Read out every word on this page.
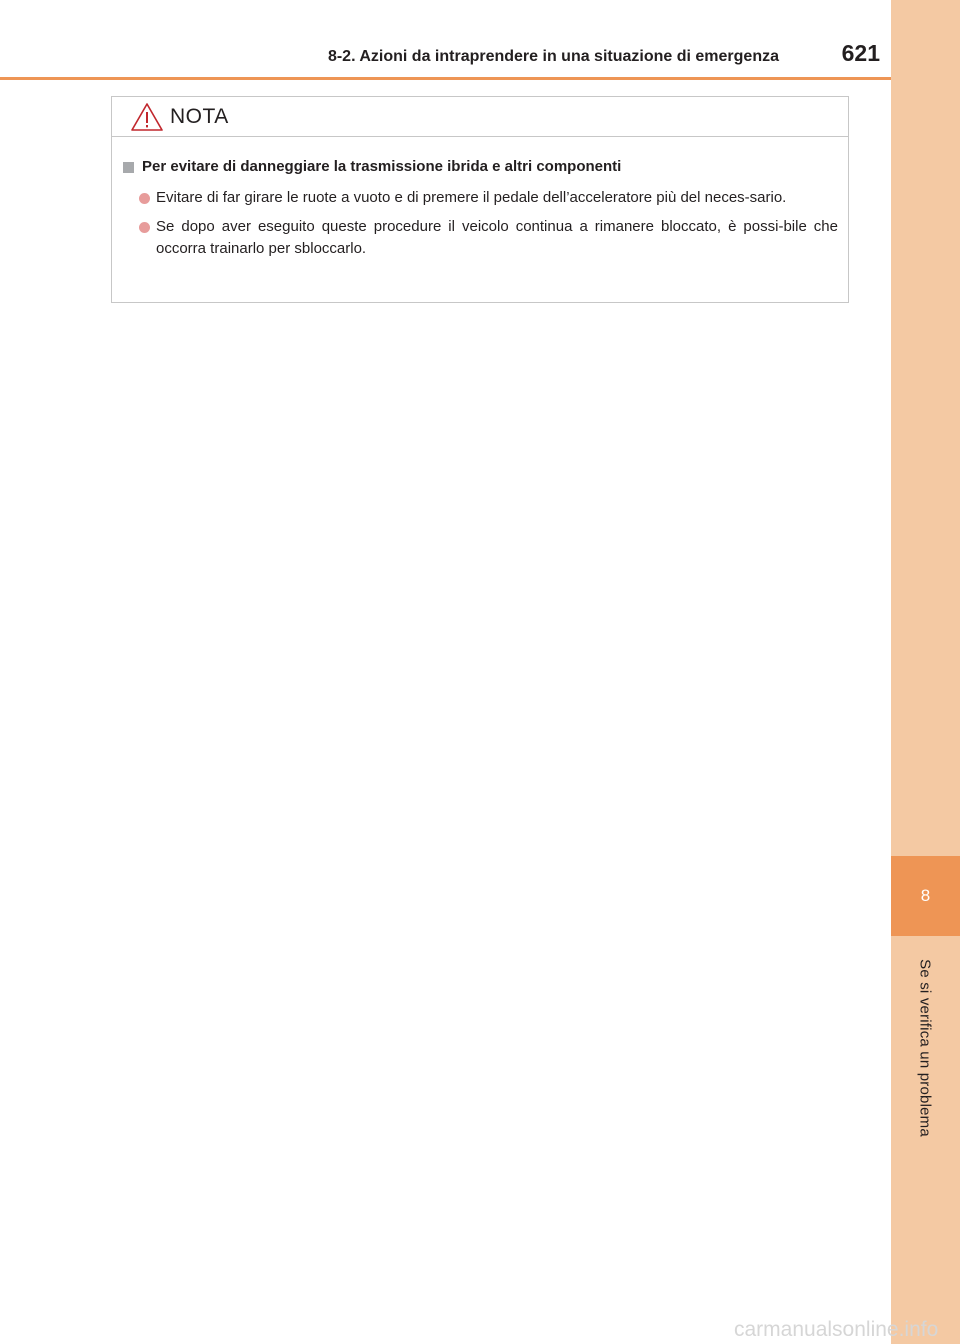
8
Se si verifica un problema
8-2. Azioni da intraprendere in una situazione di emergenza	621
NOTA
Per evitare di danneggiare la trasmissione ibrida e altri componenti
Evitare di far girare le ruote a vuoto e di premere il pedale dell’acceleratore più del neces-sario.
Se dopo aver eseguito queste procedure il veicolo continua a rimanere bloccato, è possi-bile che occorra trainarlo per sbloccarlo.
carmanualsonline.info
